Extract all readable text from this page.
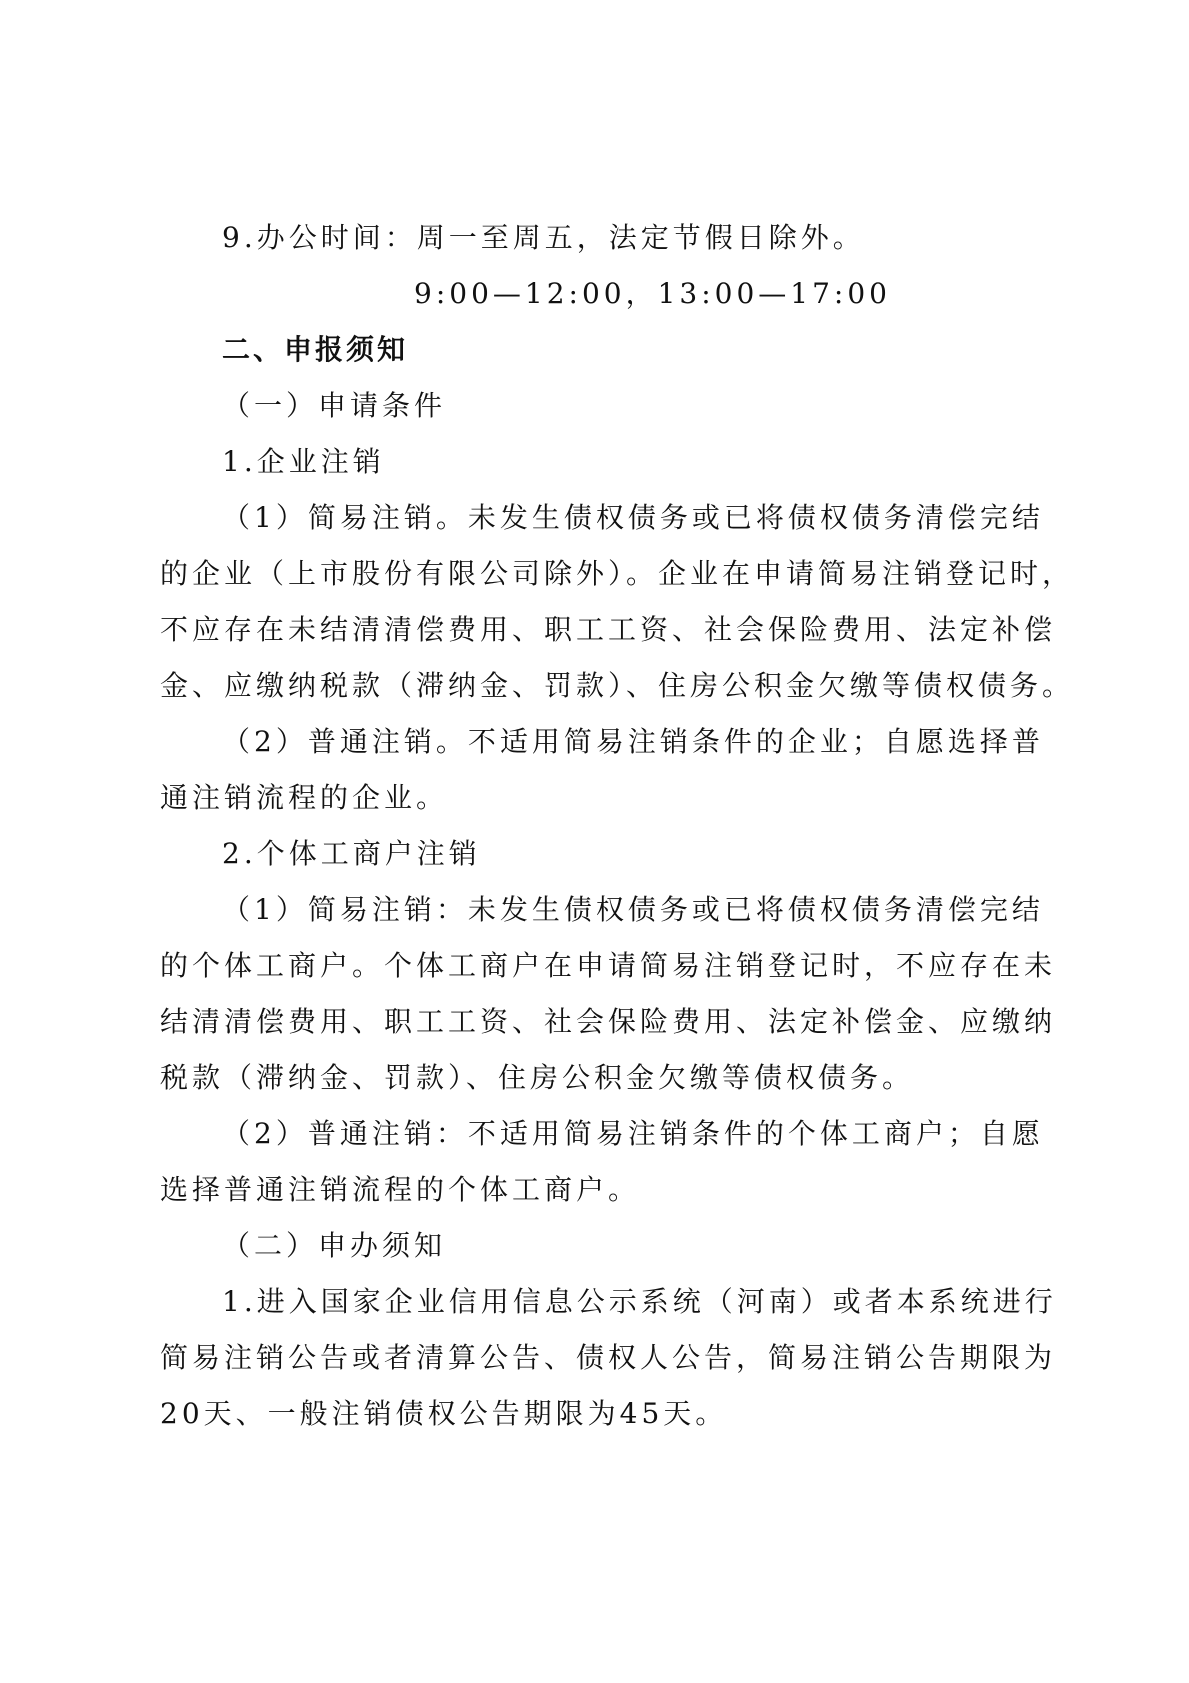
9.办公时间：周一至周五，法定节假日除外。
9:00—12:00，13:00—17:00
二、申报须知
（一）申请条件
1.企业注销
（1）简易注销。未发生债权债务或已将债权债务清偿完结
的企业（上市股份有限公司除外）。企业在申请简易注销登记时，
不应存在未结清清偿费用、职工工资、社会保险费用、法定补偿
金、应缴纳税款（滞纳金、罚款）、住房公积金欠缴等债权债务。
（2）普通注销。不适用简易注销条件的企业；自愿选择普
通注销流程的企业。
2.个体工商户注销
（1）简易注销：未发生债权债务或已将债权债务清偿完结
的个体工商户。个体工商户在申请简易注销登记时，不应存在未
结清清偿费用、职工工资、社会保险费用、法定补偿金、应缴纳
税款（滞纳金、罚款）、住房公积金欠缴等债权债务。
（2）普通注销：不适用简易注销条件的个体工商户；自愿
选择普通注销流程的个体工商户。
（二）申办须知
1.进入国家企业信用信息公示系统（河南）或者本系统进行
简易注销公告或者清算公告、债权人公告，简易注销公告期限为
20天、一般注销债权公告期限为45天。
